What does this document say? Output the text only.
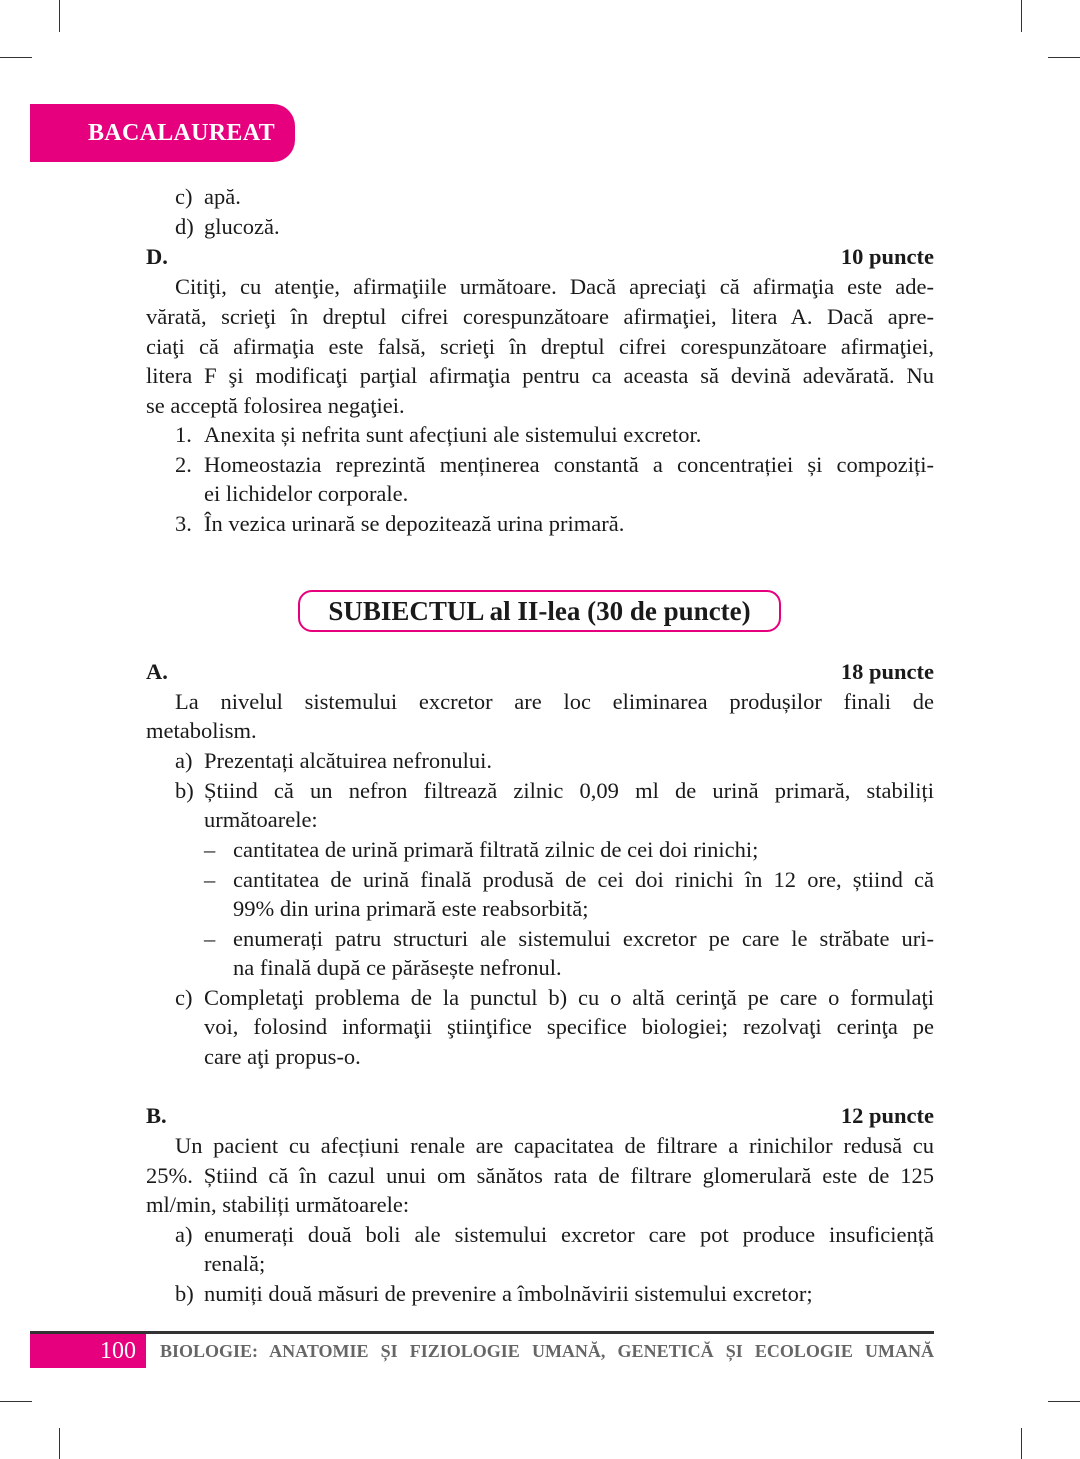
BACALAUREAT
c) apă.
d) glucoză.
D.	10 puncte
Citiţi, cu atenţie, afirmaţiile următoare. Dacă apreciaţi că afirmaţia este ade-
vărată, scrieţi în dreptul cifrei corespunzătoare afirmaţiei, litera A. Dacă apre-
ciaţi că afirmaţia este falsă, scrieţi în dreptul cifrei corespunzătoare afirmaţiei,
litera F şi modificaţi parţial afirmaţia pentru ca aceasta să devină adevărată. Nu
se acceptă folosirea negaţiei.
1. Anexita și nefrita sunt afecțiuni ale sistemului excretor.
2. Homeostazia reprezintă menținerea constantă a concentrației și compoziți-
ei lichidelor corporale.
3. În vezica urinară se depozitează urina primară.
A.	18 puncte
La nivelul sistemului excretor are loc eliminarea produșilor finali de
metabolism.
a) Prezentați alcătuirea nefronului.
b) Știind că un nefron filtrează zilnic 0,09 ml de urină primară, stabiliți
următoarele:
– cantitatea de urină primară filtrată zilnic de cei doi rinichi;
– cantitatea de urină finală produsă de cei doi rinichi în 12 ore, știind că
99% din urina primară este reabsorbită;
– enumerați patru structuri ale sistemului excretor pe care le străbate uri-
na finală după ce părăsește nefronul.
c) Completaţi problema de la punctul b) cu o altă cerinţă pe care o formulaţi
voi, folosind informaţii ştiinţifice specifice biologiei; rezolvaţi cerinţa pe
care aţi propus-o.
B.	12 puncte
Un pacient cu afecțiuni renale are capacitatea de filtrare a rinichilor redusă cu
25%. Știind că în cazul unui om sănătos rata de filtrare glomerulară este de 125
ml/min, stabiliți următoarele:
a) enumerați două boli ale sistemului excretor care pot produce insuficiență
renală;
b) numiți două măsuri de prevenire a îmbolnăvirii sistemului excretor;
SUBIECTUL al II-lea (30 de puncte)
100	BIOLOGIE: ANATOMIE ȘI FIZIOLOGIE UMANĂ, GENETICĂ ȘI ECOLOGIE UMANĂ
